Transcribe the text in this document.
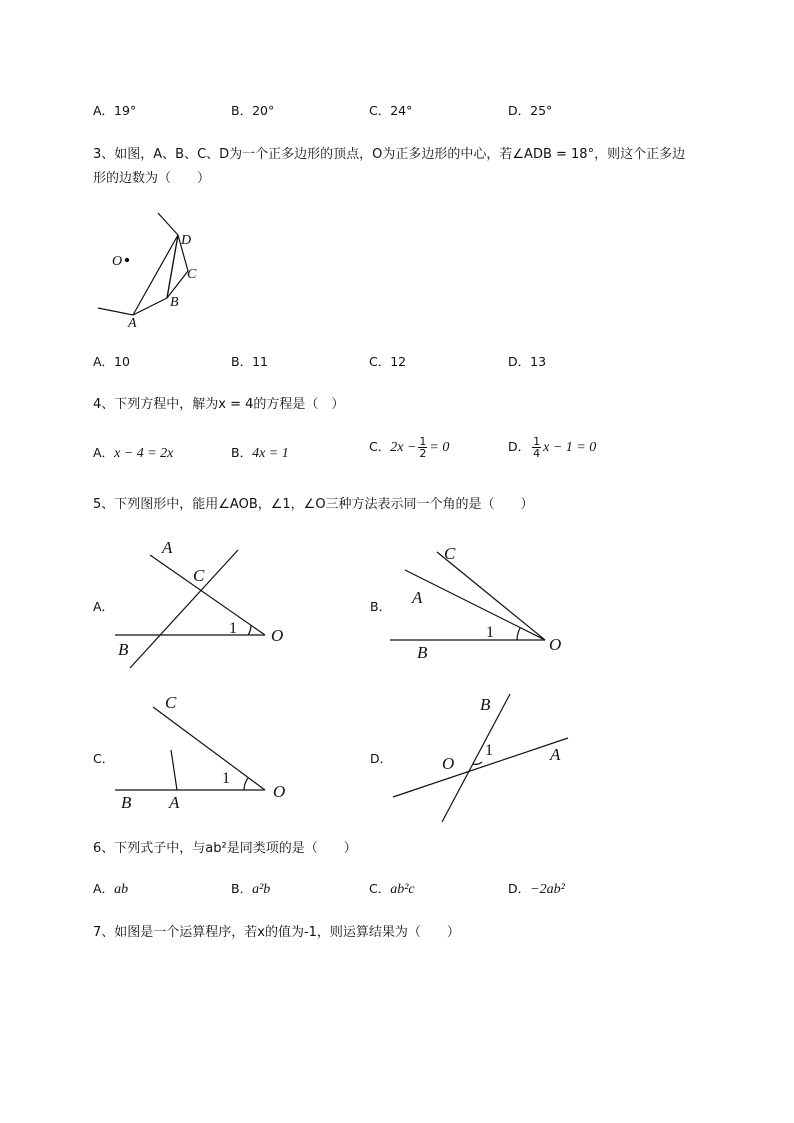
A．19°	B．20°	C．24°	D．25°
3、如图，A、B、C、D为一个正多边形的顶点，O为正多边形的中心，若∠ADB = 18°，则这个正多边
形的边数为（　　）
O
A
B
C
D
A．10	B．11	C．12	D．13
4、下列方程中，解为x = 4的方程是（　）
A．x − 4 = 2x	B．4x = 1	C．$2x - \frac{1}{2} = 0$	D． $\frac{1}{4}$ x − 1 = 0
5、下列图形中，能用∠AOB，∠1，∠O三种方法表示同一个角的是（　　）
A．
A
C
B
O
1
B．
C
A
B	O
1
C．
C
B A
O
1
D．
B
O	A
1
6、下列式子中，与ab²是同类项的是（　　）
A．ab	B．a²b	C．ab²c	D．−2ab²
7、如图是一个运算程序，若x的值为-1，则运算结果为（　　）
